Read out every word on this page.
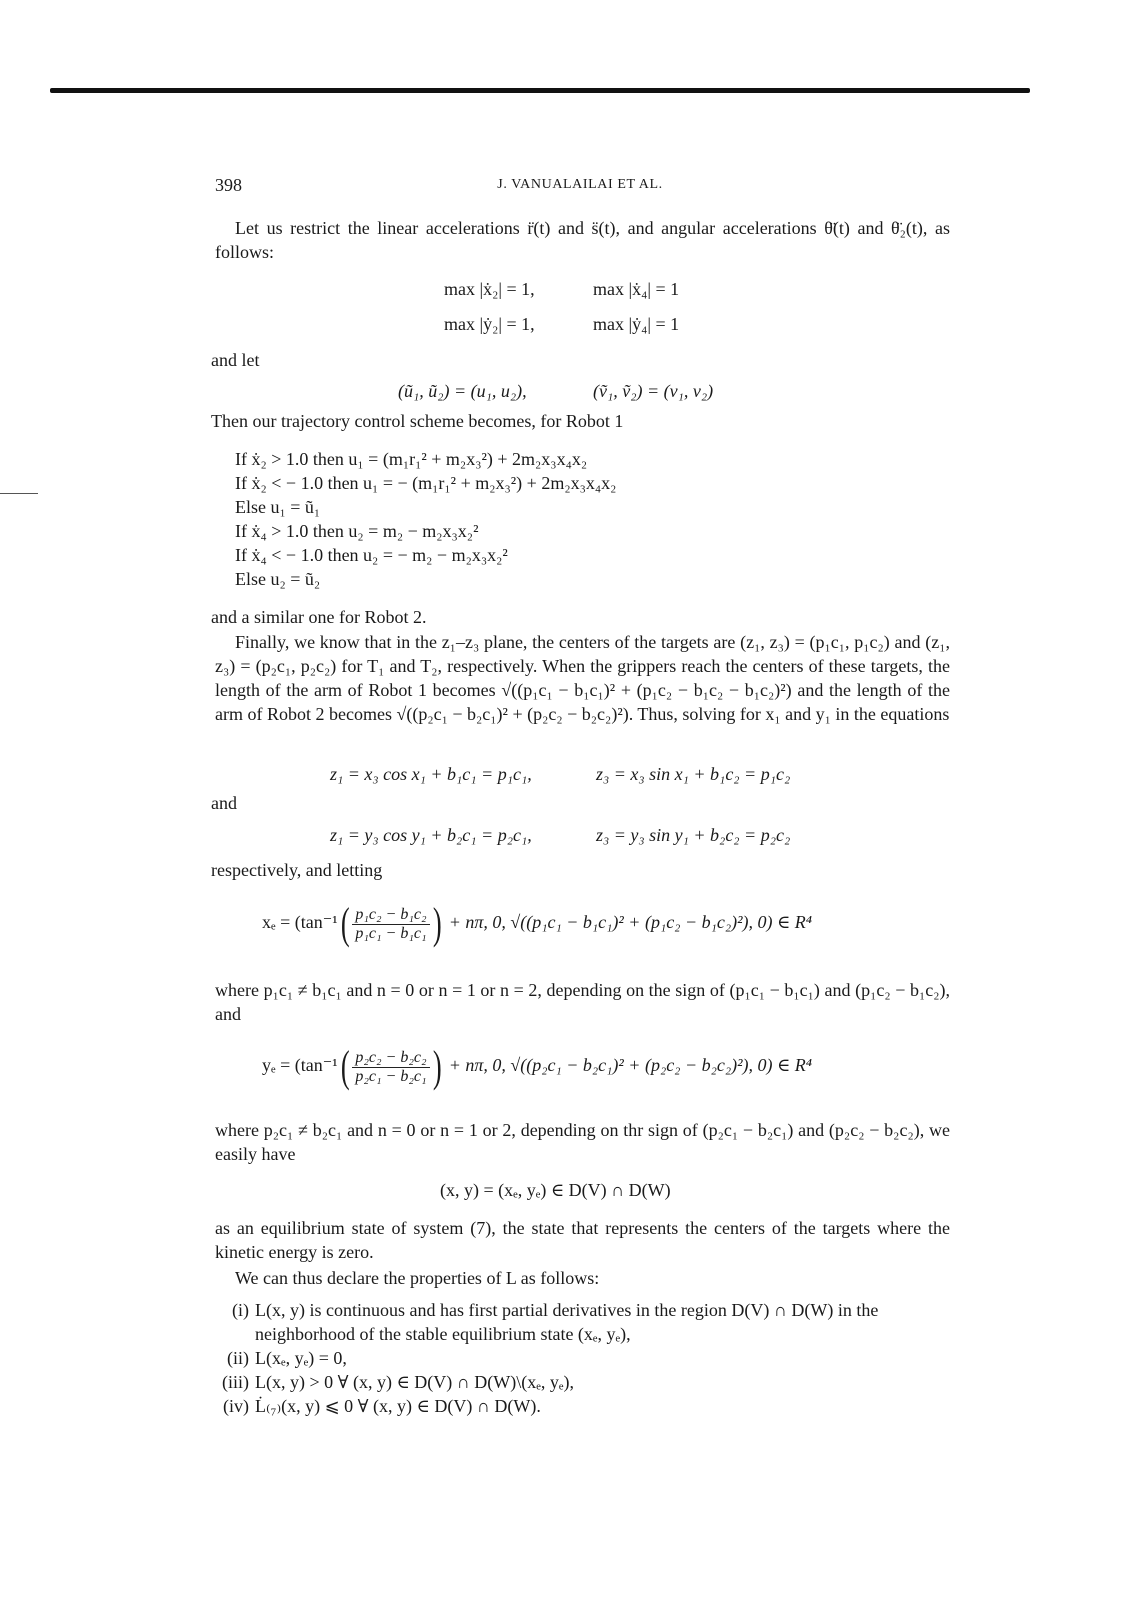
398	J. VANUALAILAI ET AL.
Let us restrict the linear accelerations r̈(t) and s̈(t), and angular accelerations θ̈(t) and θ̈₂(t), as follows:
max |ẋ₂| = 1,	max |ẋ₄| = 1
max |ẏ₂| = 1,	max |ẏ₄| = 1
and let
(ũ₁, ũ₂) = (u₁, u₂),	(ṽ₁, ṽ₂) = (v₁, v₂)
Then our trajectory control scheme becomes, for Robot 1
If ẋ₂ > 1.0 then u₁ = (m₁r₁² + m₂x₃²) + 2m₂x₃x₄x₂
If ẋ₂ < − 1.0 then u₁ = − (m₁r₁² + m₂x₃²) + 2m₂x₃x₄x₂
Else u₁ = ũ₁
If ẋ₄ > 1.0 then u₂ = m₂ − m₂x₃x₂²
If ẋ₄ < − 1.0 then u₂ = − m₂ − m₂x₃x₂²
Else u₂ = ũ₂
and a similar one for Robot 2.
Finally, we know that in the z₁–z₃ plane, the centers of the targets are (z₁, z₃) = (p₁c₁, p₁c₂) and (z₁, z₃) = (p₂c₁, p₂c₂) for T₁ and T₂, respectively. When the grippers reach the centers of these targets, the length of the arm of Robot 1 becomes √((p₁c₁ − b₁c₁)² + (p₁c₂ − b₁c₂ − b₁c₂)²) and the length of the arm of Robot 2 becomes √((p₂c₁ − b₂c₁)² + (p₂c₂ − b₂c₂)²). Thus, solving for x₁ and y₁ in the equations
z₁ = x₃ cos x₁ + b₁c₁ = p₁c₁,	z₃ = x₃ sin x₁ + b₁c₂ = p₁c₂
and
z₁ = y₃ cos y₁ + b₂c₁ = p₂c₁,	z₃ = y₃ sin y₁ + b₂c₂ = p₂c₂
respectively, and letting
$x_e = (\tan^{-1}( \frac{\text{p₁c₂ − b₁c₂}}{\text{p₁c₁ − b₁c₁}}$ ) + nπ, 0, √((p₁c₁ − b₁c₁)² + (p₁c₂ − b₁c₂)²), 0) ∈ R⁴
where p₁c₁ ≠ b₁c₁ and n = 0 or n = 1 or n = 2, depending on the sign of (p₁c₁ − b₁c₁) and (p₁c₂ − b₁c₂), and
$y_e = (\tan^{-1}( \frac{\text{p₂c₂ − b₂c₂}}{\text{p₂c₁ − b₂c₁}}$ ) + nπ, 0, √((p₂c₁ − b₂c₁)² + (p₂c₂ − b₂c₂)²), 0) ∈ R⁴
where p₂c₁ ≠ b₂c₁ and n = 0 or n = 1 or 2, depending on thr sign of (p₂c₁ − b₂c₁) and (p₂c₂ − b₂c₂), we easily have
(x, y) = (xₑ, yₑ) ∈ D(V) ∩ D(W)
as an equilibrium state of system (7), the state that represents the centers of the targets where the kinetic energy is zero.
We can thus declare the properties of L as follows:
(i) L(x, y) is continuous and has first partial derivatives in the region D(V) ∩ D(W) in the neighborhood of the stable equilibrium state (xₑ, yₑ),
(ii) L(xₑ, yₑ) = 0,
(iii) L(x, y) > 0 ∀ (x, y) ∈ D(V) ∩ D(W)\(xₑ, yₑ),
(iv) L̇₍₇₎(x, y) ⩽ 0 ∀ (x, y) ∈ D(V) ∩ D(W).
